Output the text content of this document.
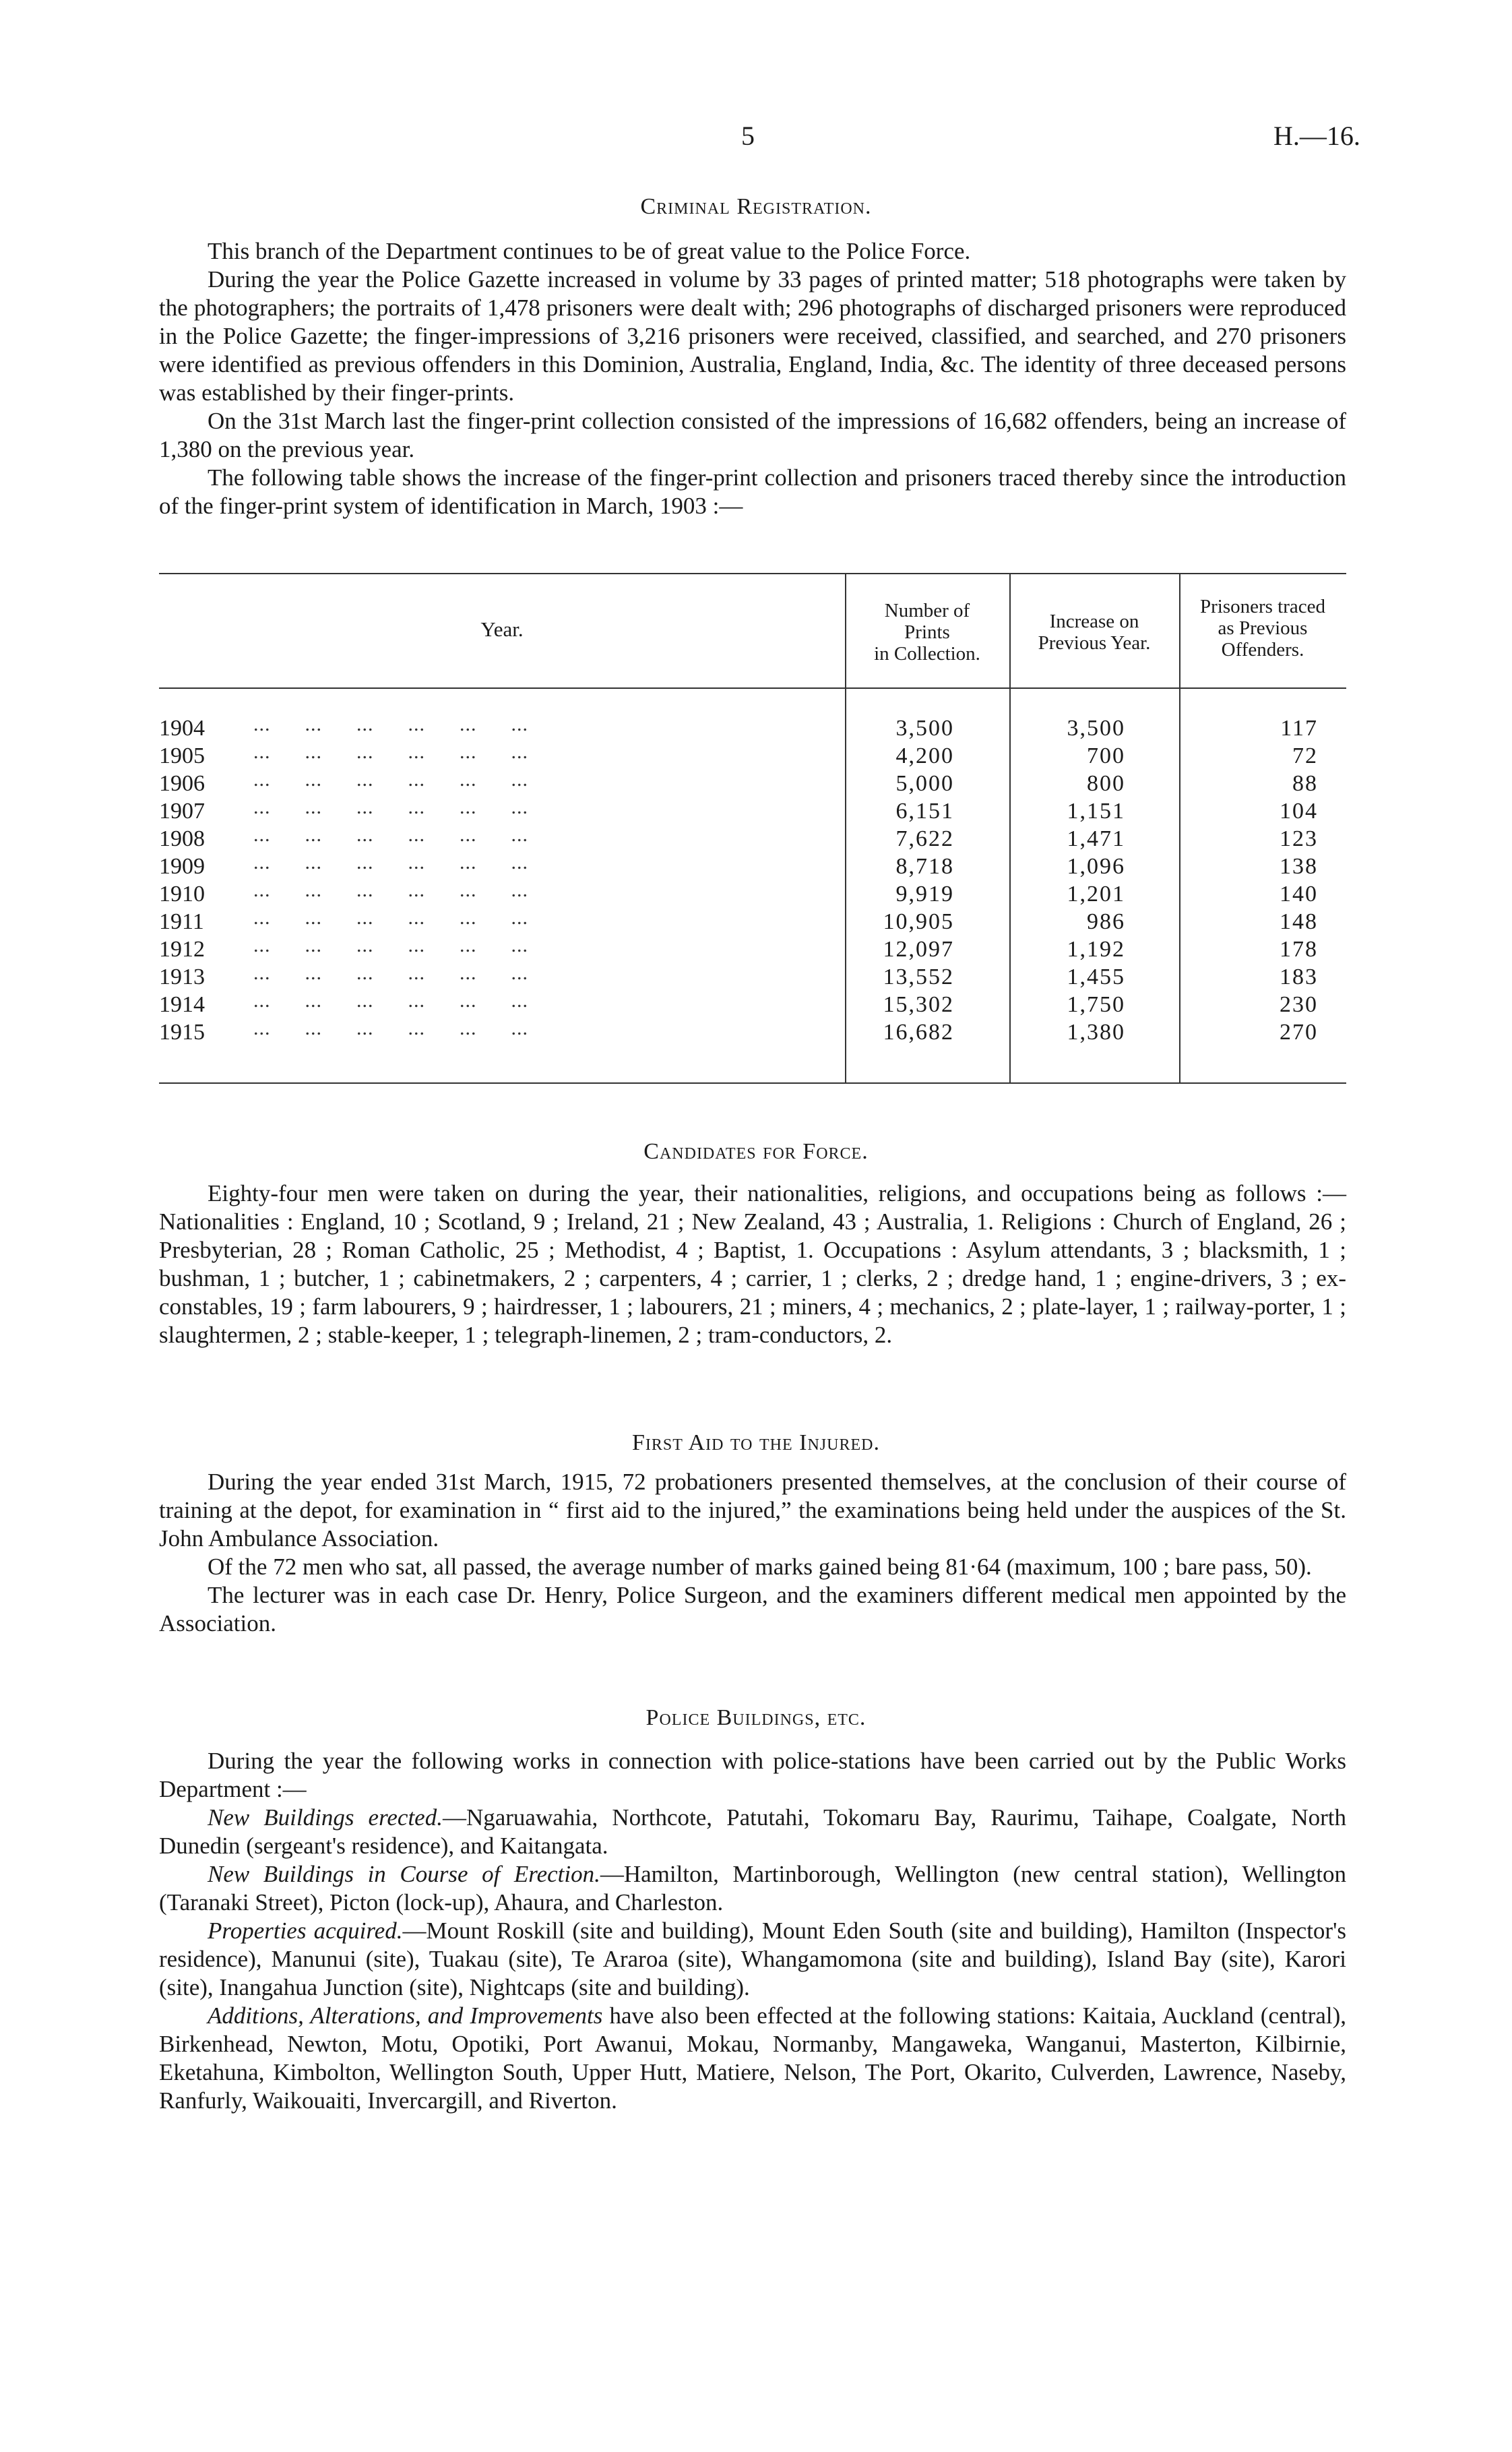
5	H.—16.
Criminal Registration.

This branch of the Department continues to be of great value to the Police Force.

During the year the Police Gazette increased in volume by 33 pages of printed matter; 518 photographs were taken by the photographers; the portraits of 1,478 prisoners were dealt with; 296 photographs of discharged prisoners were reproduced in the Police Gazette; the finger-impressions of 3,216 prisoners were received, classified, and searched, and 270 prisoners were identified as previous offenders in this Dominion, Australia, England, India, &c. The identity of three deceased persons was established by their finger-prints.

On the 31st March last the finger-print collection consisted of the impressions of 16,682 offenders, being an increase of 1,380 on the previous year.

The following table shows the increase of the finger-print collection and prisoners traced thereby since the introduction of the finger-print system of identification in March, 1903 :—

Year.
Number of
Prints
in Collection.
Increase on
Previous Year.
Prisoners traced
as Previous
Offenders.
1904 ...      ...      ...      ...      ...      ...	3,500	3,500	117
1905 ...      ...      ...      ...      ...      ...	4,200	700	72
1906 ...      ...      ...      ...      ...      ...	5,000	800	88
1907 ...      ...      ...      ...      ...      ...	6,151	1,151	104
1908 ...      ...      ...      ...      ...      ...	7,622	1,471	123
1909 ...      ...      ...      ...      ...      ...	8,718	1,096	138
1910 ...      ...      ...      ...      ...      ...	9,919	1,201	140
1911 ...      ...      ...      ...      ...      ...	10,905	986	148
1912 ...      ...      ...      ...      ...      ...	12,097	1,192	178
1913 ...      ...      ...      ...      ...      ...	13,552	1,455	183
1914 ...      ...      ...      ...      ...      ...	15,302	1,750	230
1915 ...      ...      ...      ...      ...      ...	16,682	1,380	270
Candidates for Force.

Eighty-four men were taken on during the year, their nationalities, religions, and occupations being as follows :—Nationalities : England, 10 ; Scotland, 9 ; Ireland, 21 ; New Zealand, 43 ; Australia, 1. Religions : Church of England, 26 ; Presbyterian, 28 ; Roman Catholic, 25 ; Methodist, 4 ; Baptist, 1. Occupations : Asylum attendants, 3 ; blacksmith, 1 ; bushman, 1 ; butcher, 1 ; cabinetmakers, 2 ; carpenters, 4 ; carrier, 1 ; clerks, 2 ; dredge hand, 1 ; engine-drivers, 3 ; ex-constables, 19 ; farm labourers, 9 ; hairdresser, 1 ; labourers, 21 ; miners, 4 ; mechanics, 2 ; plate-layer, 1 ; railway-porter, 1 ; slaughtermen, 2 ; stable-keeper, 1 ; telegraph-linemen, 2 ; tram-conductors, 2.

First Aid to the Injured.

During the year ended 31st March, 1915, 72 probationers presented themselves, at the conclusion of their course of training at the depot, for examination in “ first aid to the injured,” the examinations being held under the auspices of the St. John Ambulance Association.

Of the 72 men who sat, all passed, the average number of marks gained being 81·64 (maximum, 100 ; bare pass, 50).

The lecturer was in each case Dr. Henry, Police Surgeon, and the examiners different medical men appointed by the Association.

Police Buildings, etc.

During the year the following works in connection with police-stations have been carried out by the Public Works Department :—

New Buildings erected.—Ngaruawahia, Northcote, Patutahi, Tokomaru Bay, Raurimu, Taihape, Coalgate, North Dunedin (sergeant's residence), and Kaitangata.

New Buildings in Course of Erection.—Hamilton, Martinborough, Wellington (new central station), Wellington (Taranaki Street), Picton (lock-up), Ahaura, and Charleston.

Properties acquired.—Mount Roskill (site and building), Mount Eden South (site and building), Hamilton (Inspector's residence), Manunui (site), Tuakau (site), Te Araroa (site), Whangamomona (site and building), Island Bay (site), Karori (site), Inangahua Junction (site), Nightcaps (site and building).

Additions, Alterations, and Improvements have also been effected at the following stations: Kaitaia, Auckland (central), Birkenhead, Newton, Motu, Opotiki, Port Awanui, Mokau, Normanby, Mangaweka, Wanganui, Masterton, Kilbirnie, Eketahuna, Kimbolton, Wellington South, Upper Hutt, Matiere, Nelson, The Port, Okarito, Culverden, Lawrence, Naseby, Ranfurly, Waikouaiti, Invercargill, and Riverton.
